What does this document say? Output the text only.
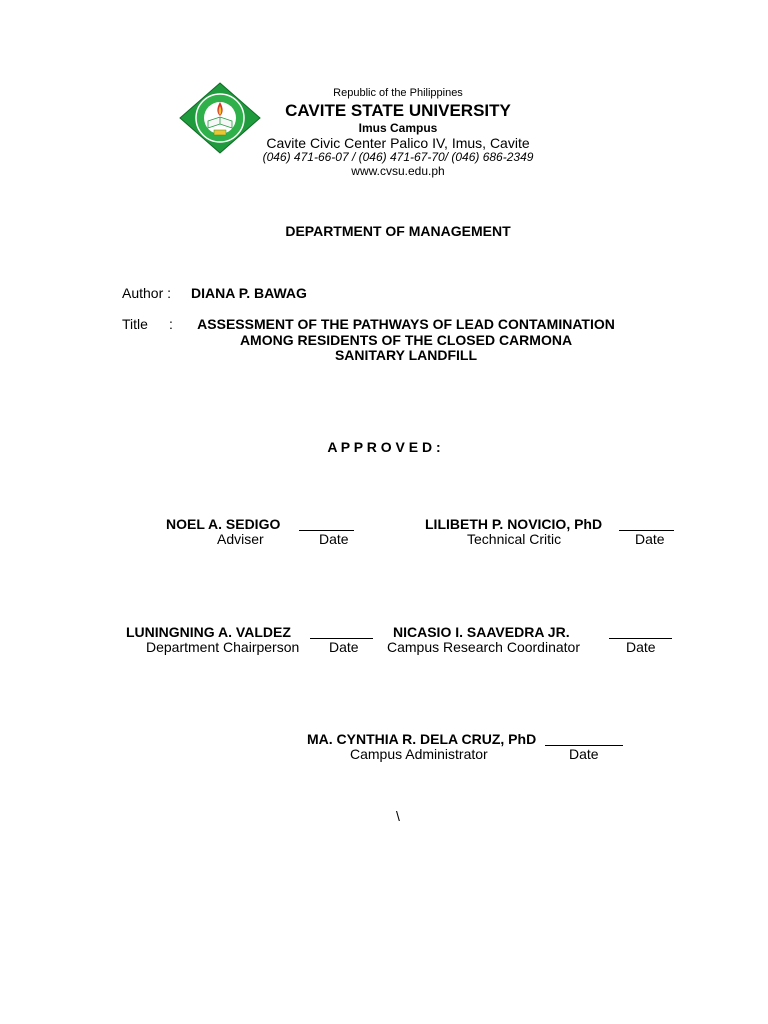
Republic of the Philippines
CAVITE STATE UNIVERSITY
Imus Campus
Cavite Civic Center Palico IV, Imus, Cavite
(046) 471-66-07 / (046) 471-67-70/ (046) 686-2349
www.cvsu.edu.ph
DEPARTMENT OF MANAGEMENT
Author : DIANA P. BAWAG
Title :	ASSESSMENT OF THE PATHWAYS OF LEAD CONTAMINATION
AMONG RESIDENTS OF THE CLOSED CARMONA
SANITARY LANDFILL
A P P R O V E D :
NOEL A. SEDIGO
Adviser	Date
LILIBETH P. NOVICIO, PhD
Technical Critic	Date
LUNINGNING A. VALDEZ
Department Chairperson Date
NICASIO I. SAAVEDRA JR.
Campus Research Coordinator	Date
MA. CYNTHIA R. DELA CRUZ, PhD
Campus Administrator	Date
\
